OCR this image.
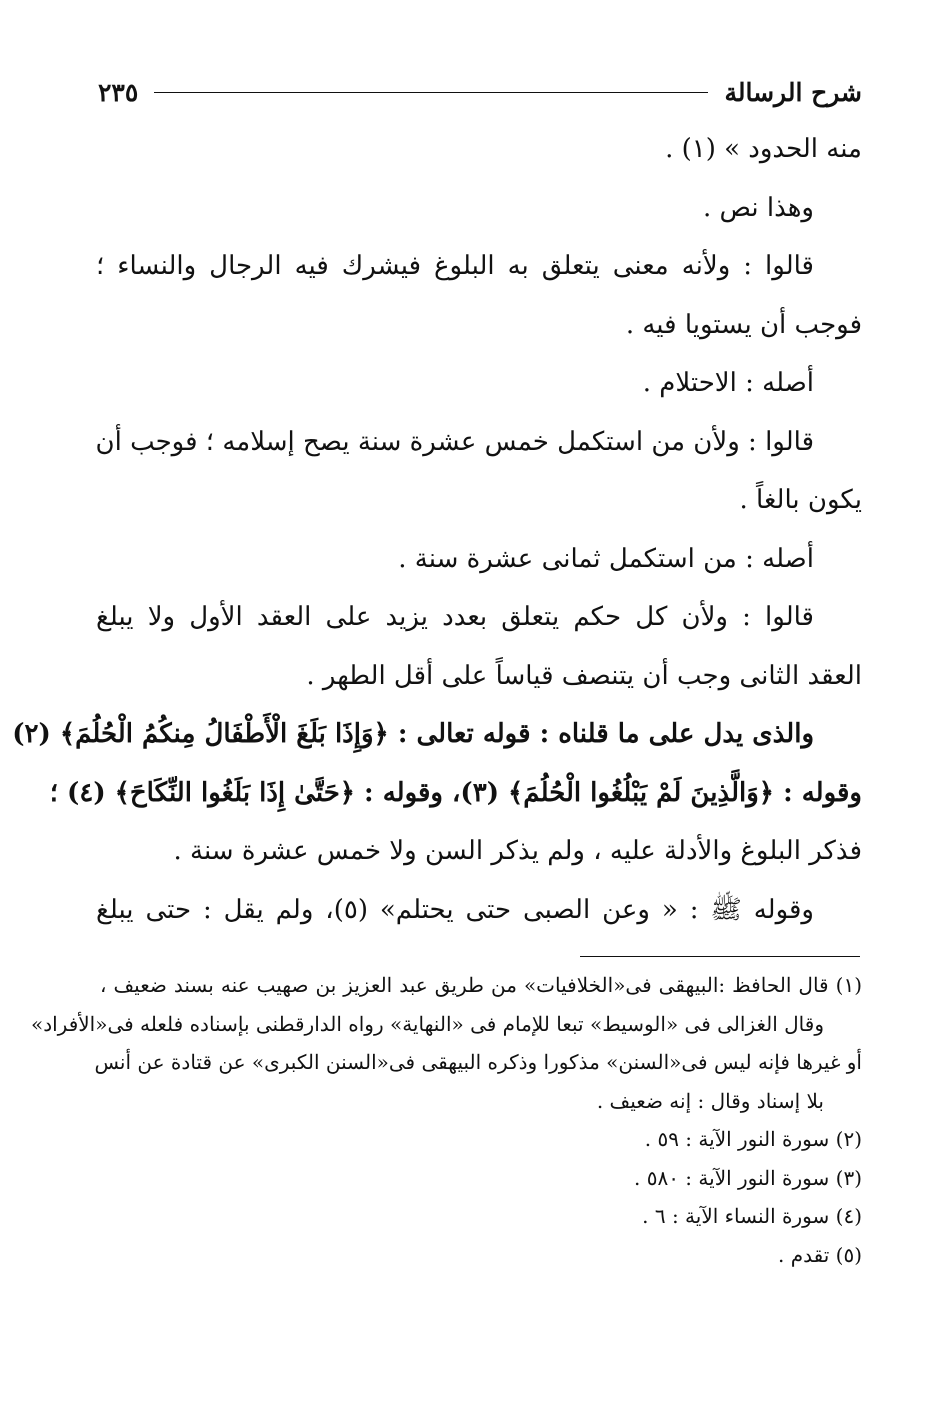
شرح الرسالة
٢٣٥
منه الحدود » (١) .
وهذا نص .
قالوا : ولأنه معنى يتعلق به البلوغ فيشرك فيه الرجال والنساء ؛
فوجب أن يستويا فيه .
أصله : الاحتلام .
قالوا : ولأن من استكمل خمس عشرة سنة يصح إسلامه ؛ فوجب أن
يكون بالغاً .
أصله : من استكمل ثمانى عشرة سنة .
قالوا : ولأن كل حكم يتعلق بعدد يزيد على العقد الأول ولا يبلغ
العقد الثانى وجب أن يتنصف قياساً على أقل الطهر .
والذى يدل على ما قلناه : قوله تعالى : ﴿وَإِذَا بَلَغَ الْأَطْفَالُ مِنكُمُ الْحُلُمَ﴾ (٢)
وقوله : ﴿وَالَّذِينَ لَمْ يَبْلُغُوا الْحُلُمَ﴾ (٣)، وقوله : ﴿حَتَّىٰ إِذَا بَلَغُوا النِّكَاحَ﴾ (٤) ؛
فذكر البلوغ والأدلة عليه ، ولم يذكر السن ولا خمس عشرة سنة .
وقوله ﷺ : « وعن الصبى حتى يحتلم» (٥)، ولم يقل : حتى يبلغ
(١) قال الحافظ :البيهقى فى«الخلافيات» من طريق عبد العزيز بن صهيب عنه بسند ضعيف ،
وقال الغزالى فى «الوسيط» تبعا للإمام فى «النهاية» رواه الدارقطنى بإسناده فلعله فى«الأفراد»
أو غيرها فإنه ليس فى«السنن» مذكورا وذكره البيهقى فى«السنن الكبرى» عن قتادة عن أنس
بلا إسناد وقال : إنه ضعيف .
(٢) سورة النور الآية : ٥٩ .
(٣) سورة النور الآية : ٥٨٠ .
(٤) سورة النساء الآية : ٦ .
(٥) تقدم .
